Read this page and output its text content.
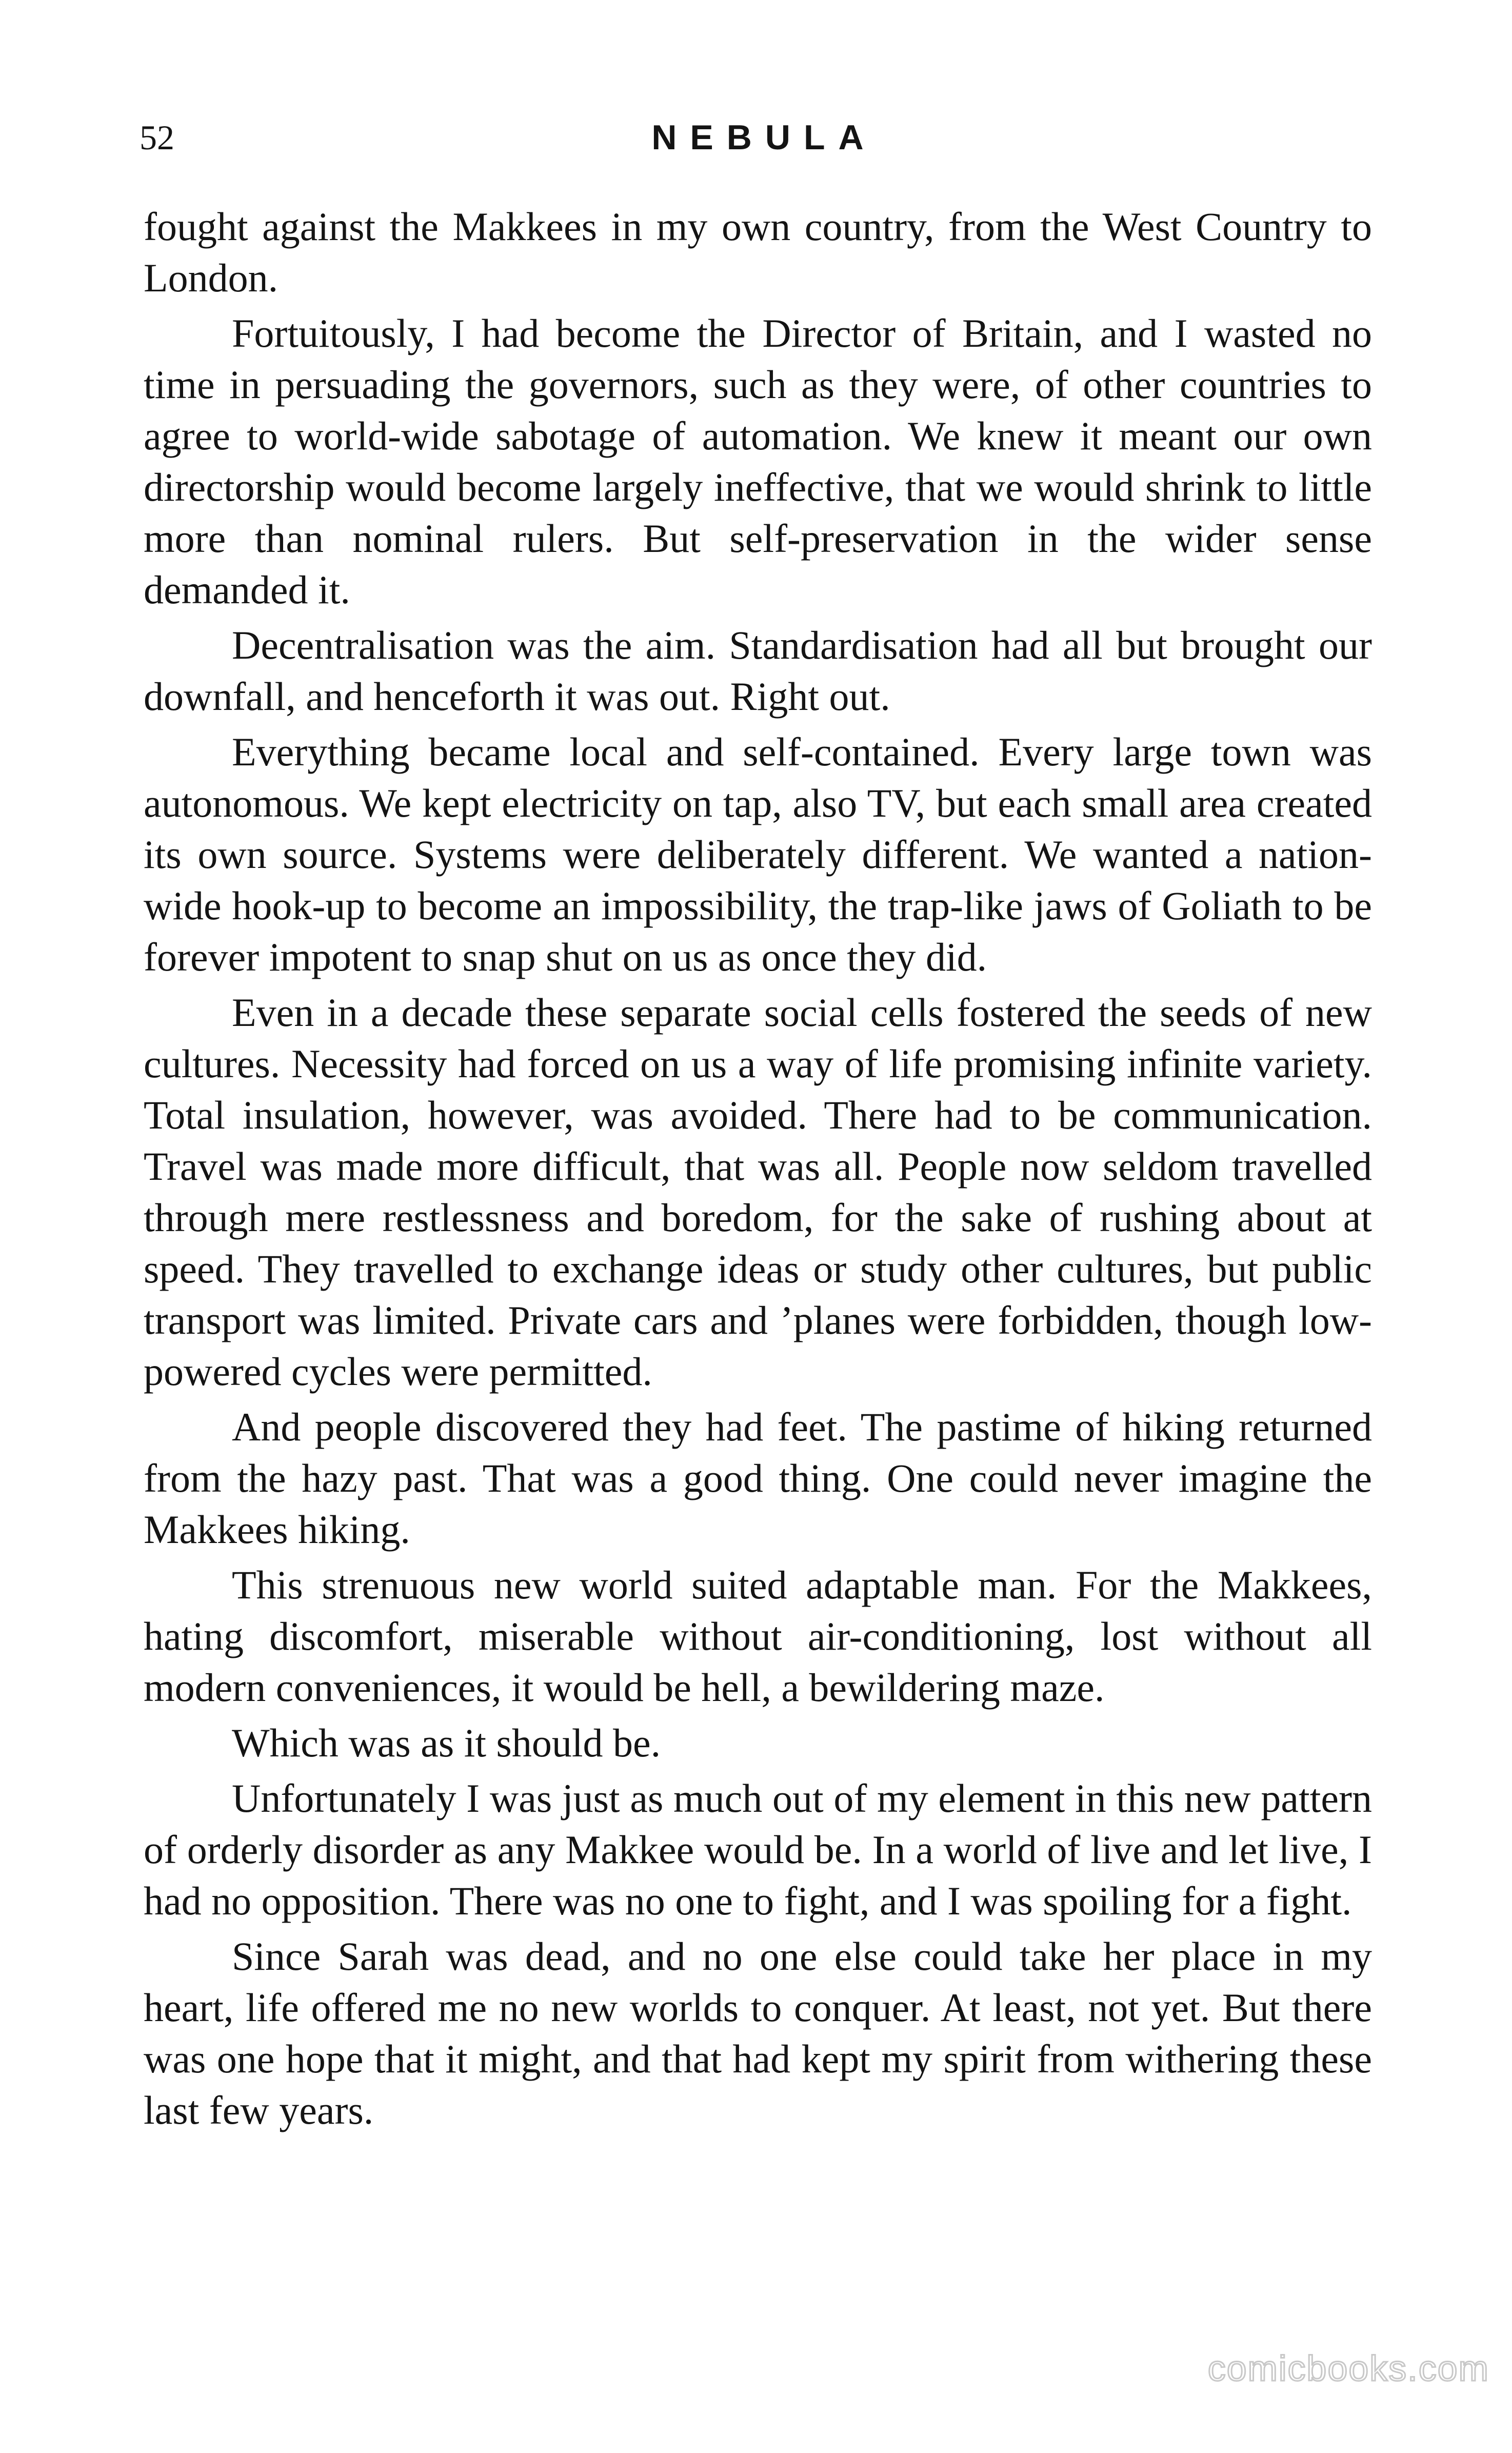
52	NEBULA

fought against the Makkees in my own country, from the West Country to London.

Fortuitously, I had become the Director of Britain, and I wasted no time in persuading the governors, such as they were, of other countries to agree to world-wide sabotage of automation. We knew it meant our own directorship would become largely ineffective, that we would shrink to little more than nominal rulers. But self-preservation in the wider sense demanded it.

Decentralisation was the aim. Standardisation had all but brought our downfall, and henceforth it was out. Right out.

Everything became local and self-contained. Every large town was autonomous. We kept electricity on tap, also TV, but each small area created its own source. Systems were deliberately different. We wanted a nation-wide hook-up to become an impossibility, the trap-like jaws of Goliath to be forever impotent to snap shut on us as once they did.

Even in a decade these separate social cells fostered the seeds of new cultures. Necessity had forced on us a way of life promising infinite variety. Total insulation, however, was avoided. There had to be communication. Travel was made more difficult, that was all. People now seldom travelled through mere restlessness and boredom, for the sake of rushing about at speed. They travelled to exchange ideas or study other cultures, but public transport was limited. Private cars and ’planes were forbidden, though low-powered cycles were permitted.

And people discovered they had feet. The pastime of hiking returned from the hazy past. That was a good thing. One could never imagine the Makkees hiking.

This strenuous new world suited adaptable man. For the Makkees, hating discomfort, miserable without air-conditioning, lost without all modern conveniences, it would be hell, a bewildering maze.

Which was as it should be.

Unfortunately I was just as much out of my element in this new pattern of orderly disorder as any Makkee would be. In a world of live and let live, I had no opposition. There was no one to fight, and I was spoiling for a fight.

Since Sarah was dead, and no one else could take her place in my heart, life offered me no new worlds to conquer. At least, not yet. But there was one hope that it might, and that had kept my spirit from withering these last few years.

comicbooks.com
